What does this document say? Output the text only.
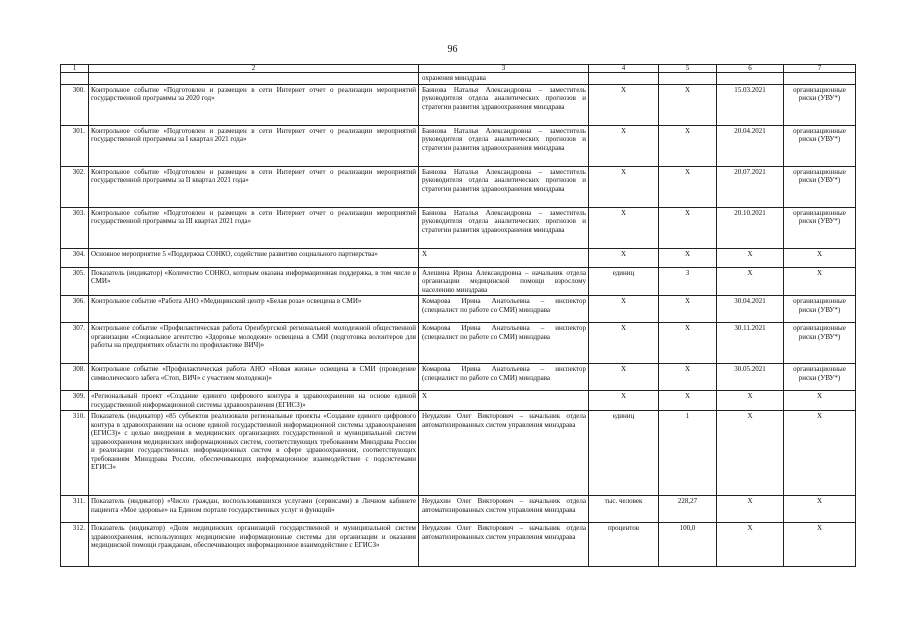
96
1	2	3	4	5	6	7
		охранения минздрава				
300.	Контрольное событие «Подготовлен и размещен в сети Интернет отчет о реализации мероприятий государственной программы за 2020 год»	Баннова Наталья Александровна – заместитель руководителя отдела аналитических прогнозов и стратегии развития здравоохранения минздрава	X	X	15.03.2021	организационные риски (УВУ*)
301.	Контрольное событие «Подготовлен и размещен в сети Интернет отчет о реализации мероприятий государственной программы за I квартал 2021 года»	Баннова Наталья Александровна – заместитель руководителя отдела аналитических прогнозов и стратегии развития здравоохранения минздрава	X	X	20.04.2021	организационные риски (УВУ*)
302.	Контрольное событие «Подготовлен и размещен в сети Интернет отчет о реализации мероприятий государственной программы за II квартал 2021 года»	Баннова Наталья Александровна – заместитель руководителя отдела аналитических прогнозов и стратегии развития здравоохранения минздрава	X	X	20.07.2021	организационные риски (УВУ*)
303.	Контрольное событие «Подготовлен и размещен в сети Интернет отчет о реализации мероприятий государственной программы за III квартал 2021 года»	Баннова Наталья Александровна – заместитель руководителя отдела аналитических прогнозов и стратегии развития здравоохранения минздрава	X	X	20.10.2021	организационные риски (УВУ*)
304.	Основное мероприятие 5 «Поддержка СОНКО, содействие развитию социального партнерства»	X	X	X	X	X
305.	Показатель (индикатор) «Количество СОНКО, которым оказана информационная поддержка, в том числе в СМИ»	Алешина Ирина Александровна – начальник отдела организации медицинской помощи взрослому населению минздрава	единиц	3	X	X
306.	Контрольное событие «Работа АНО «Медицинский центр «Белая роза» освещена в СМИ»	Комарова Ирина Анатольевна – инспектор (специалист по работе со СМИ) минздрава	X	X	30.04.2021	организационные риски (УВУ*)
307.	Контрольное событие «Профилактическая работа Оренбургской региональной молодежной общественной организации «Социальное агентство «Здоровье молодежи» освещена в СМИ (подготовка волонтеров для работы на предприятиях области по профилактике ВИЧ)»	Комарова Ирина Анатольевна – инспектор (специалист по работе со СМИ) минздрава	X	X	30.11.2021	организационные риски (УВУ*)
308.	Контрольное событие «Профилактическая работа АНО «Новая жизнь» освещена в СМИ (проведение символического забега «Стоп, ВИЧ» с участием молодежи)»	Комарова Ирина Анатольевна – инспектор (специалист по работе со СМИ) минздрава	X	X	30.05.2021	организационные риски (УВУ*)
309.	«Региональный проект «Создание единого цифрового контура в здравоохранении на основе единой государственной информационной системы здравоохранения (ЕГИСЗ)»	X	X	X	X	X
310.	Показатель (индикатор) «85 субъектов реализовали региональные проекты «Создание единого цифрового контура в здравоохранении на основе единой государственной информационной системы здравоохранения (ЕГИСЗ)» с целью внедрения в медицинских организациях государственной и муниципальной систем здравоохранения медицинских информационных систем, соответствующих требованиям Минздрава России и реализации государственных информационных систем в сфере здравоохранения, соответствующих требованиям Минздрава России, обеспечивающих информационное взаимодействие с подсистемами ЕГИСЗ»	Неудахин Олег Викторович – начальник отдела автоматизированных систем управления минздрава	единиц	1	X	X
311.	Показатель (индикатор) «Число граждан, воспользовавшихся услугами (сервисами) в Личном кабинете пациента «Мое здоровье» на Едином портале государственных услуг и функций»	Неудахин Олег Викторович – начальник отдела автоматизированных систем управления минздрава	тыс. человек	228,27	X	X
312.	Показатель (индикатор) «Доля медицинских организаций государственной и муниципальной систем здравоохранения, использующих медицинские информационные системы для организации и оказания медицинской помощи гражданам, обеспечивающих информационное взаимодействие с ЕГИСЗ»	Неудахин Олег Викторович – начальник отдела автоматизированных систем управления минздрава	процентов	100,0	X	X
